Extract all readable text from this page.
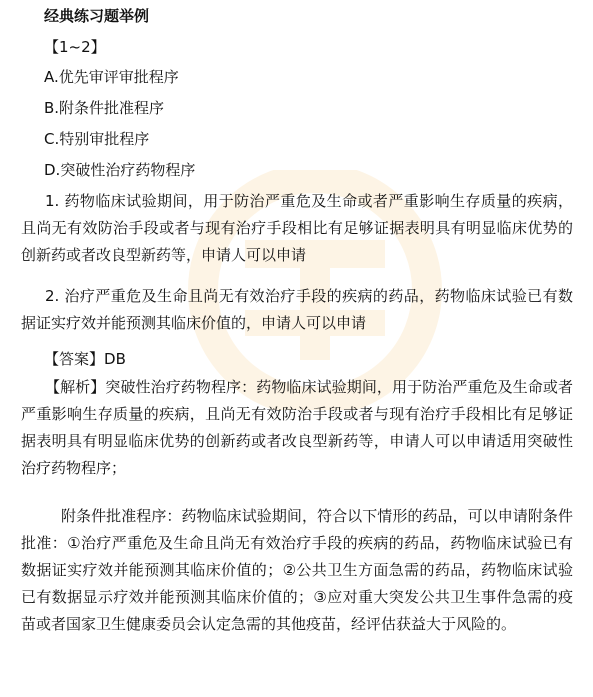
经典练习题举例
【1~2】
A.优先审评审批程序
B.附条件批准程序
C.特别审批程序
D.突破性治疗药物程序
1. 药物临床试验期间，用于防治严重危及生命或者严重影响生存质量的疾病，且尚无有效防治手段或者与现有治疗手段相比有足够证据表明具有明显临床优势的创新药或者改良型新药等，申请人可以申请
2. 治疗严重危及生命且尚无有效治疗手段的疾病的药品，药物临床试验已有数据证实疗效并能预测其临床价值的，申请人可以申请
【答案】DB
【解析】突破性治疗药物程序：药物临床试验期间，用于防治严重危及生命或者严重影响生存质量的疾病，且尚无有效防治手段或者与现有治疗手段相比有足够证据表明具有明显临床优势的创新药或者改良型新药等，申请人可以申请适用突破性治疗药物程序；
附条件批准程序：药物临床试验期间，符合以下情形的药品，可以申请附条件批准：①治疗严重危及生命且尚无有效治疗手段的疾病的药品，药物临床试验已有数据证实疗效并能预测其临床价值的；②公共卫生方面急需的药品，药物临床试验已有数据显示疗效并能预测其临床价值的；③应对重大突发公共卫生事件急需的疫苗或者国家卫生健康委员会认定急需的其他疫苗，经评估获益大于风险的。
